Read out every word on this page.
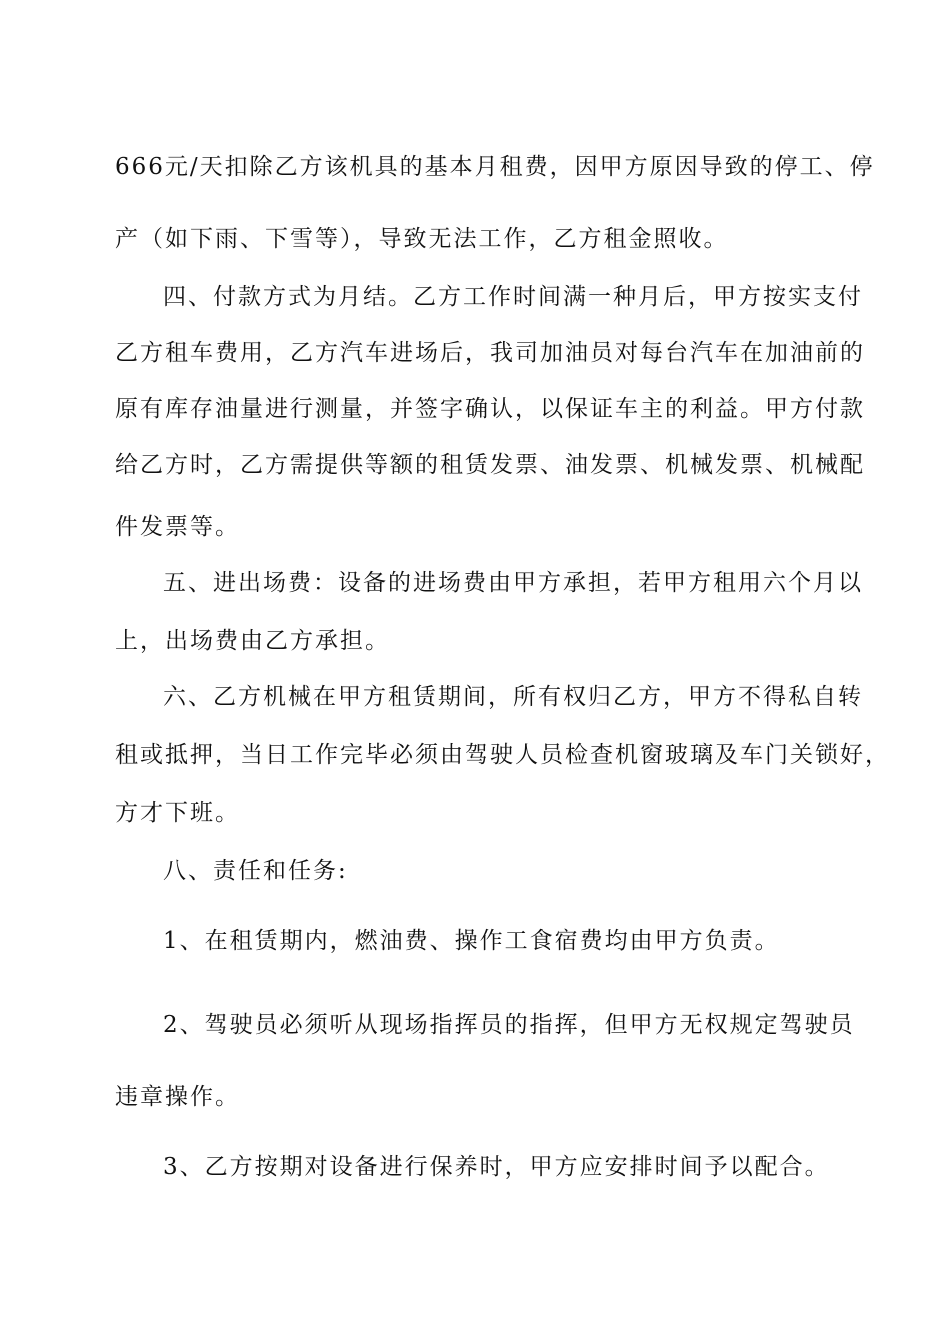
666元/天扣除乙方该机具的基本月租费，因甲方原因导致的停工、停
产（如下雨、下雪等），导致无法工作，乙方租金照收。
四、付款方式为月结。乙方工作时间满一种月后，甲方按实支付
乙方租车费用，乙方汽车进场后，我司加油员对每台汽车在加油前的
原有库存油量进行测量，并签字确认，以保证车主的利益。甲方付款
给乙方时，乙方需提供等额的租赁发票、油发票、机械发票、机械配
件发票等。
五、进出场费：设备的进场费由甲方承担，若甲方租用六个月以
上，出场费由乙方承担。
六、乙方机械在甲方租赁期间，所有权归乙方，甲方不得私自转
租或抵押，当日工作完毕必须由驾驶人员检查机窗玻璃及车门关锁好，
方才下班。
八、责任和任务:
1、在租赁期内，燃油费、操作工食宿费均由甲方负责。
2、驾驶员必须听从现场指挥员的指挥，但甲方无权规定驾驶员
违章操作。
3、乙方按期对设备进行保养时，甲方应安排时间予以配合。
